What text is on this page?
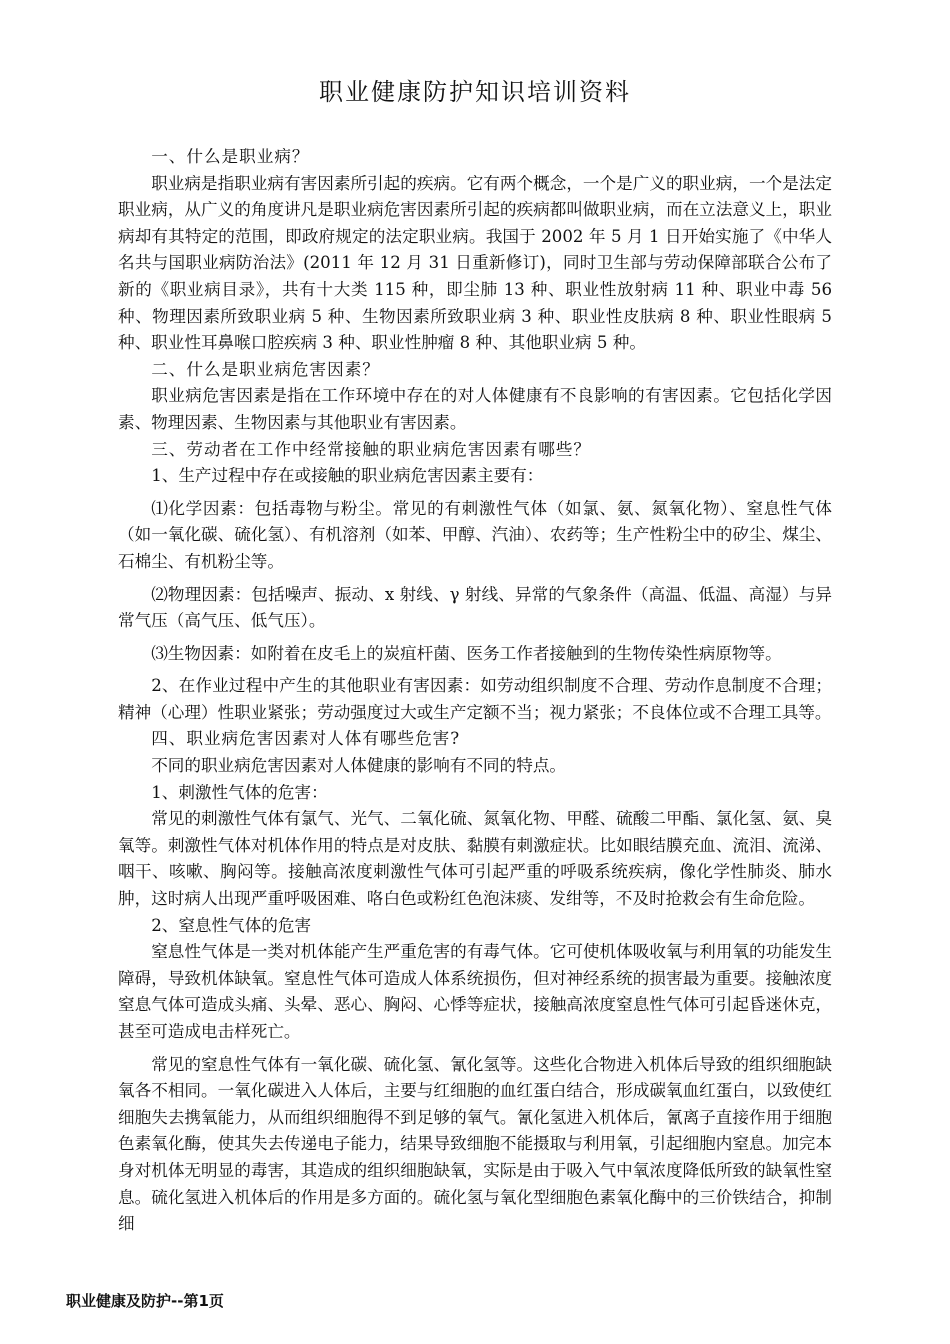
职业健康防护知识培训资料

一、什么是职业病？

职业病是指职业病有害因素所引起的疾病。它有两个概念，一个是广义的职业病，一个是法定职业病，从广义的角度讲凡是职业病危害因素所引起的疾病都叫做职业病，而在立法意义上，职业病却有其特定的范围，即政府规定的法定职业病。我国于 2002 年 5 月 1 日开始实施了《中华人名共与国职业病防治法》(2011 年 12 月 31 日重新修订)，同时卫生部与劳动保障部联合公布了新的《职业病目录》，共有十大类 115 种，即尘肺 13 种、职业性放射病 11 种、职业中毒 56 种、物理因素所致职业病 5 种、生物因素所致职业病 3 种、职业性皮肤病 8 种、职业性眼病 5 种、职业性耳鼻喉口腔疾病 3 种、职业性肿瘤 8 种、其他职业病 5 种。

二、什么是职业病危害因素？

职业病危害因素是指在工作环境中存在的对人体健康有不良影响的有害因素。它包括化学因素、物理因素、生物因素与其他职业有害因素。

三、劳动者在工作中经常接触的职业病危害因素有哪些？

1、生产过程中存在或接触的职业病危害因素主要有：

⑴化学因素：包括毒物与粉尘。常见的有刺激性气体（如氯、氨、氮氧化物）、窒息性气体（如一氧化碳、硫化氢）、有机溶剂（如苯、甲醇、汽油）、农药等；生产性粉尘中的矽尘、煤尘、石棉尘、有机粉尘等。

⑵物理因素：包括噪声、振动、x 射线、γ 射线、异常的气象条件（高温、低温、高湿）与异常气压（高气压、低气压）。

⑶生物因素：如附着在皮毛上的炭疽杆菌、医务工作者接触到的生物传染性病原物等。

2、在作业过程中产生的其他职业有害因素：如劳动组织制度不合理、劳动作息制度不合理；精神（心理）性职业紧张；劳动强度过大或生产定额不当；视力紧张；不良体位或不合理工具等。

四、职业病危害因素对人体有哪些危害?

不同的职业病危害因素对人体健康的影响有不同的特点。

1、刺激性气体的危害：

常见的刺激性气体有氯气、光气、二氧化硫、氮氧化物、甲醛、硫酸二甲酯、氯化氢、氨、臭氧等。刺激性气体对机体作用的特点是对皮肤、黏膜有刺激症状。比如眼结膜充血、流泪、流涕、咽干、咳嗽、胸闷等。接触高浓度刺激性气体可引起严重的呼吸系统疾病，像化学性肺炎、肺水肿，这时病人出现严重呼吸困难、咯白色或粉红色泡沫痰、发绀等，不及时抢救会有生命危险。

2、窒息性气体的危害

窒息性气体是一类对机体能产生严重危害的有毒气体。它可使机体吸收氧与利用氧的功能发生障碍，导致机体缺氧。窒息性气体可造成人体系统损伤，但对神经系统的损害最为重要。接触浓度窒息气体可造成头痛、头晕、恶心、胸闷、心悸等症状，接触高浓度窒息性气体可引起昏迷休克，甚至可造成电击样死亡。

常见的窒息性气体有一氧化碳、硫化氢、氰化氢等。这些化合物进入机体后导致的组织细胞缺氧各不相同。一氧化碳进入人体后，主要与红细胞的血红蛋白结合，形成碳氧血红蛋白，以致使红细胞失去携氧能力，从而组织细胞得不到足够的氧气。氰化氢进入机体后，氰离子直接作用于细胞色素氧化酶，使其失去传递电子能力，结果导致细胞不能摄取与利用氧，引起细胞内窒息。加完本身对机体无明显的毒害，其造成的组织细胞缺氧，实际是由于吸入气中氧浓度降低所致的缺氧性窒息。硫化氢进入机体后的作用是多方面的。硫化氢与氧化型细胞色素氧化酶中的三价铁结合，抑制细

职业健康及防护--第1页
